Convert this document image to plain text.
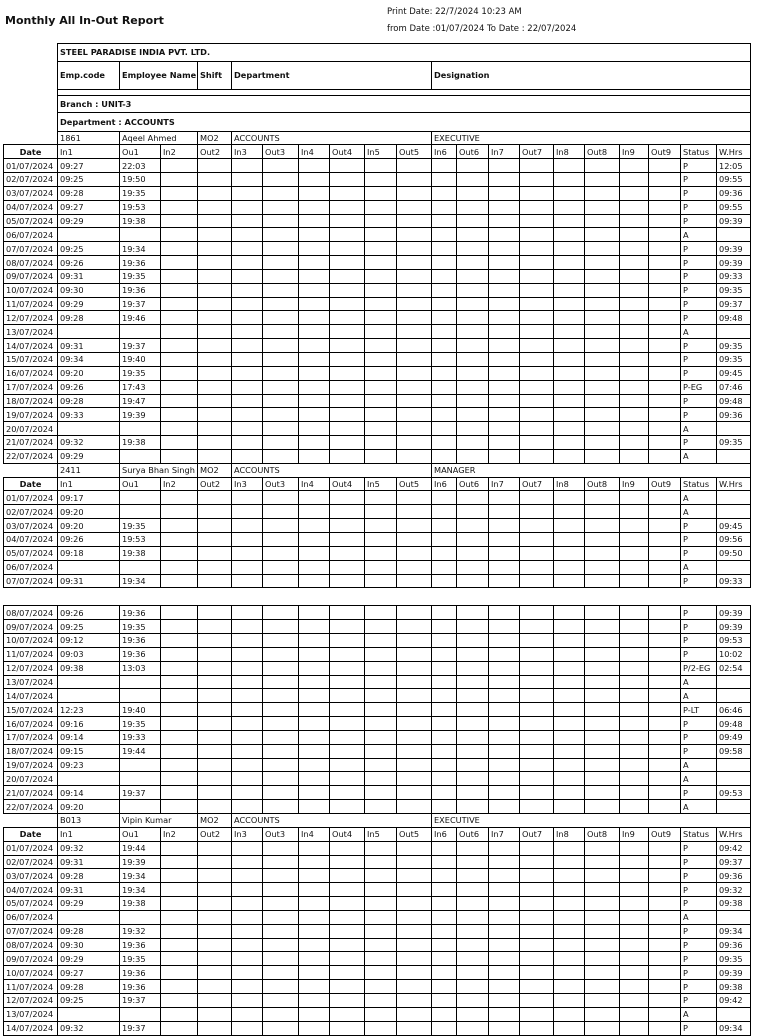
Monthly All In-Out Report
Print Date: 22/7/2024 10:23 AM
from Date :01/07/2024 To Date : 22/07/2024

	STEEL PARADISE INDIA PVT. LTD.																			
	Emp.code	Employee Name		Shift	Department						Designation									

	Branch : UNIT-3																			
	Department : ACCOUNTS																			
	1861	Aqeel Ahmed		MO2	ACCOUNTS						EXECUTIVE									
Date	In1	Ou1	In2	Out2	In3	Out3	In4	Out4	In5	Out5	In6	Out6	In7	Out7	In8	Out8	In9	Out9	Status	W.Hrs
01/07/2024	09:27	22:03																	P	12:05
02/07/2024	09:25	19:50																	P	09:55
03/07/2024	09:28	19:35																	P	09:36
04/07/2024	09:27	19:53																	P	09:55
05/07/2024	09:29	19:38																	P	09:39
06/07/2024																			A	
07/07/2024	09:25	19:34																	P	09:39
08/07/2024	09:26	19:36																	P	09:39
09/07/2024	09:31	19:35																	P	09:33
10/07/2024	09:30	19:36																	P	09:35
11/07/2024	09:29	19:37																	P	09:37
12/07/2024	09:28	19:46																	P	09:48
13/07/2024																			A	
14/07/2024	09:31	19:37																	P	09:35
15/07/2024	09:34	19:40																	P	09:35
16/07/2024	09:20	19:35																	P	09:45
17/07/2024	09:26	17:43																	P-EG	07:46
18/07/2024	09:28	19:47																	P	09:48
19/07/2024	09:33	19:39																	P	09:36
20/07/2024																			A	
21/07/2024	09:32	19:38																	P	09:35
22/07/2024	09:29																		A	
	2411	Surya Bhan Singh		MO2	ACCOUNTS						MANAGER									
Date	In1	Ou1	In2	Out2	In3	Out3	In4	Out4	In5	Out5	In6	Out6	In7	Out7	In8	Out8	In9	Out9	Status	W.Hrs
01/07/2024	09:17																		A	
02/07/2024	09:20																		A	
03/07/2024	09:20	19:35																	P	09:45
04/07/2024	09:26	19:53																	P	09:56
05/07/2024	09:18	19:38																	P	09:50
06/07/2024																			A	
07/07/2024	09:31	19:34																	P	09:33

08/07/2024	09:26	19:36																	P	09:39
09/07/2024	09:25	19:35																	P	09:39
10/07/2024	09:12	19:36																	P	09:53
11/07/2024	09:03	19:36																	P	10:02
12/07/2024	09:38	13:03																	P/2-EG	02:54
13/07/2024																			A	
14/07/2024																			A	
15/07/2024	12:23	19:40																	P-LT	06:46
16/07/2024	09:16	19:35																	P	09:48
17/07/2024	09:14	19:33																	P	09:49
18/07/2024	09:15	19:44																	P	09:58
19/07/2024	09:23																		A	
20/07/2024																			A	
21/07/2024	09:14	19:37																	P	09:53
22/07/2024	09:20																		A	
	B013	Vipin Kumar		MO2	ACCOUNTS						EXECUTIVE									
Date	In1	Ou1	In2	Out2	In3	Out3	In4	Out4	In5	Out5	In6	Out6	In7	Out7	In8	Out8	In9	Out9	Status	W.Hrs
01/07/2024	09:32	19:44																	P	09:42
02/07/2024	09:31	19:39																	P	09:37
03/07/2024	09:28	19:34																	P	09:36
04/07/2024	09:31	19:34																	P	09:32
05/07/2024	09:29	19:38																	P	09:38
06/07/2024																			A	
07/07/2024	09:28	19:32																	P	09:34
08/07/2024	09:30	19:36																	P	09:36
09/07/2024	09:29	19:35																	P	09:35
10/07/2024	09:27	19:36																	P	09:39
11/07/2024	09:28	19:36																	P	09:38
12/07/2024	09:25	19:37																	P	09:42
13/07/2024																			A	
14/07/2024	09:32	19:37																	P	09:34
